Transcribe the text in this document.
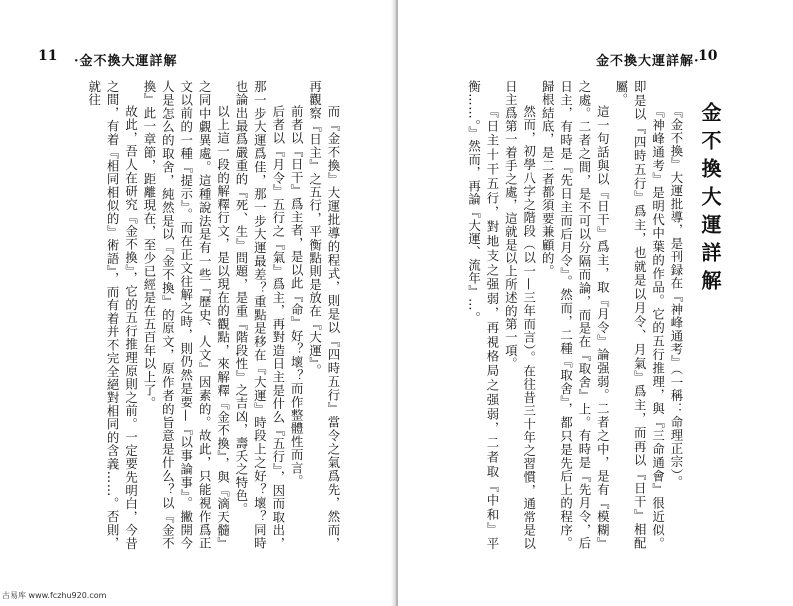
11 ·金不換大運詳解

而『金不換』大運批導的程式，則是以『四時五行』當令之氣爲先，然而，再觀察『日主』之五行，平衡點則是放在『大運』。

前者以『日干』爲主者，是以此『命』好？壞？而作整體性而言。

后者以『月令』五行之『氣』爲主，再對造日主是什么『五行』，因而取出，那一步大運爲佳，那一步大運最差？重點是移在『大運』時段上之好？壞？同時也論出最爲嚴重的『死、生』問題，是重『階段性』之吉凶，壽夭之特色。

以上這一段的解釋行文，是以現在的觀點，來解釋『金不換』，與『滴天髓』之同中覷異處。這種說法是有一些『歷史、人文』因素的。故此，只能視作爲正文以前的一種『提示』。而在正文往解之時，則仍然是要—『以事論事』。撇開今人是怎么的取舍，純然是以『金不換』的原文，原作者的旨意是什么？以『金不換』此一章節，距離現在，至少已經是在五百年以上了。

故此，吾人在研究『金不換』，它的五行推理原則之前。一定要先明白，今昔之間，有着『相同相似的』術語』，而有着并不完全絕對相同的含義……。否則，就往

金不換大運詳解·
10
金不換大運詳解

『金不換』大運批導，是刊録在『神峰通考』（一稱：命理正宗）。

『神峰通考』是明代中葉的作品。它的五行推理，與『三命通會』很近似。即是以『四時五行』爲主，也就是以月令、月氣』爲主，而再以『日干』相配屬。

這一句話與以『日干』爲主，取『月令』論强弱。二者之中，是有『模糊』之處。二者之間，是不可以分隔而論，而是在『取舍』上。有時是『先月令，后日主，有時是『先日主而后月令』。然而，二種『取舍』，都只是先后上的程序。歸根結底，是二者都須要兼顧的。

然而，初學八字之階段（以一—三年而言）。在往昔三十年之習慣，通常是以日主爲第一着手之處，這就是以上所述的第一項。

『日主十干五行，對地支之强弱，再視格局之强弱，二者取『中和』平衡……。』然而，再論『大運、流年』…。

古易库 www.fczhu920.com
